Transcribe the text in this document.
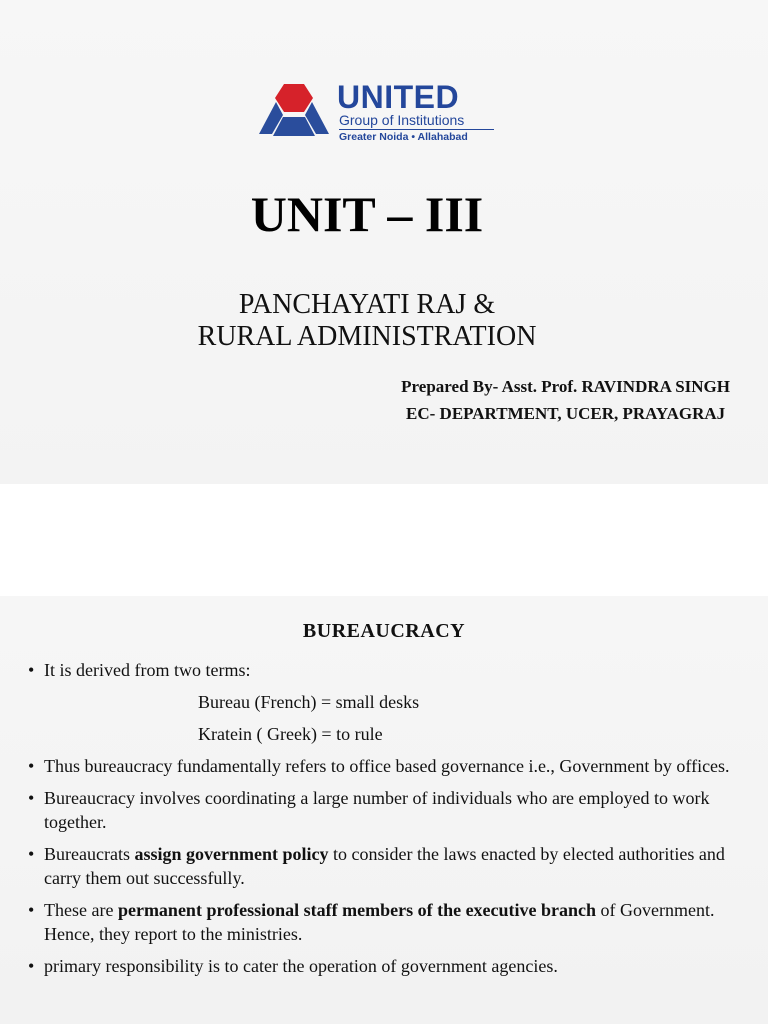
UNITED
Group of Institutions
Greater Noida • Allahabad
UNIT – III
PANCHAYATI RAJ &
RURAL ADMINISTRATION
Prepared By- Asst. Prof. RAVINDRA SINGH
EC- DEPARTMENT, UCER, PRAYAGRAJ
BUREAUCRACY
• It is derived from two terms:
Bureau (French) = small desks
Kratein ( Greek) = to rule
• Thus bureaucracy fundamentally refers to office based governance i.e., Government by offices.
• Bureaucracy involves coordinating a large number of individuals who are employed to work together.
• Bureaucrats assign government policy to consider the laws enacted by elected authorities and carry them out successfully.
• These are permanent professional staff members of the executive branch of Government. Hence, they report to the ministries.
• primary responsibility is to cater the operation of government agencies.
